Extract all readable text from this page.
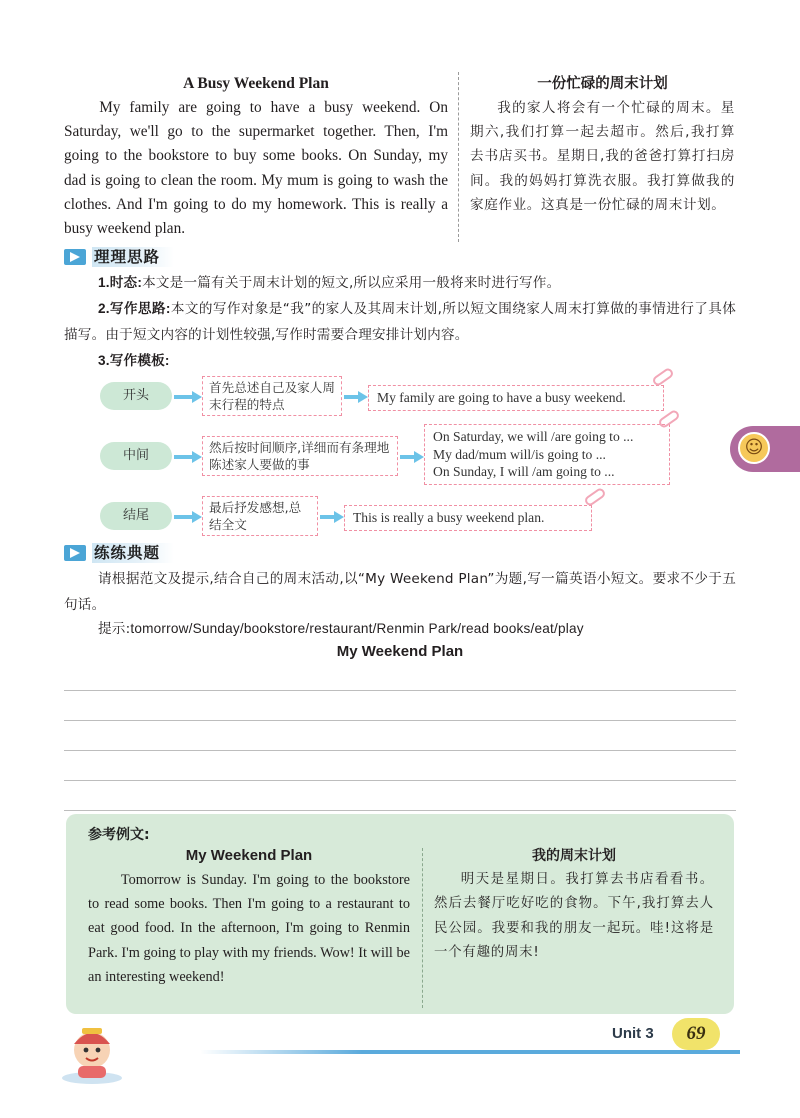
A Busy Weekend Plan
My family are going to have a busy weekend. On Saturday, we'll go to the supermarket together. Then, I'm going to the bookstore to buy some books. On Sunday, my dad is going to clean the room. My mum is going to wash the clothes. And I'm going to do my homework. This is really a busy weekend plan.
一份忙碌的周末计划
我的家人将会有一个忙碌的周末。星期六,我们打算一起去超市。然后,我打算去书店买书。星期日,我的爸爸打算打扫房间。我的妈妈打算洗衣服。我打算做我的家庭作业。这真是一份忙碌的周末计划。
理理思路
1.时态:本文是一篇有关于周末计划的短文,所以应采用一般将来时进行写作。
2.写作思路:本文的写作对象是“我”的家人及其周末计划,所以短文围绕家人周末打算做的事情进行了具体描写。由于短文内容的计划性较强,写作时需要合理安排计划内容。
3.写作模板:
开头
首先总述自己及家人周末行程的特点	My family are going to have a busy weekend.
中间
然后按时间顺序,详细而有条理地陈述家人要做的事
On Saturday, we will /are going to ...
My dad/mum will/is going to ...
On Sunday, I will /am going to ...
结尾
最后抒发感想,总结全文	This is really a busy weekend plan.
练练典题
请根据范文及提示,结合自己的周末活动,以“My Weekend Plan”为题,写一篇英语小短文。要求不少于五句话。
提示:tomorrow/Sunday/bookstore/restaurant/Renmin Park/read books/eat/play
My Weekend Plan
参考例文:
My Weekend Plan
Tomorrow is Sunday. I'm going to the bookstore to read some books. Then I'm going to a restaurant to eat good food. In the afternoon, I'm going to Renmin Park. I'm going to play with my friends. Wow! It will be an interesting weekend!
我的周末计划
明天是星期日。我打算去书店看看书。然后去餐厅吃好吃的食物。下午,我打算去人民公园。我要和我的朋友一起玩。哇!这将是一个有趣的周末!
☺
Unit 3	69
